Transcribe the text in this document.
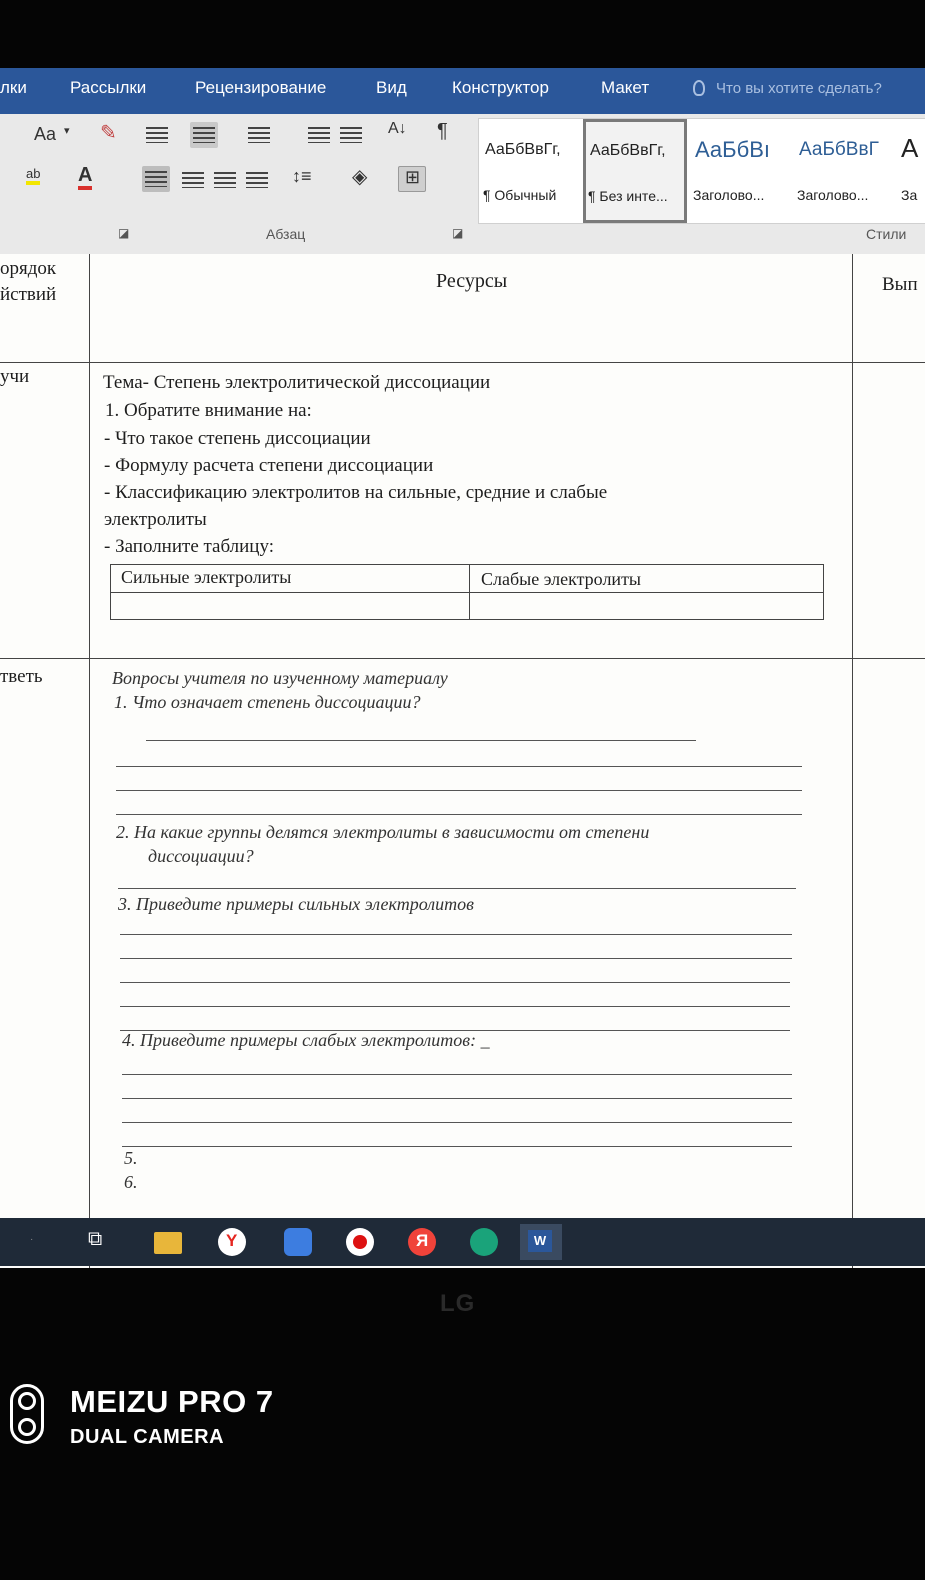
лки	Рассылки	Рецензирование	Вид	Конструктор	Макет	Что вы хотите сделать?
Aa ▾ ✎	A↓ ¶
ab A	↕≡ ◈ ⊞
◪	Абзац	◪
АаБбВвГг,
¶ Обычный
АаБбВвГг,
¶ Без инте...
АаБбВı
Заголово...
АаБбВвГ
Заголово...
А
За
Стили
орядок
йствий
Ресурсы	Вып
учи	Тема- Степень электролитической диссоциации
1. Обратите внимание на:
- Что такое степень диссоциации
- Формулу расчета степени диссоциации
- Классификацию электролитов на сильные, средние и слабые
электролиты
- Заполните таблицу:
Сильные электролиты	Слабые электролиты
тветь	Вопросы учителя по изученному материалу
1. Что означает степень диссоциации?
2. На какие группы делятся электролиты в зависимости от степени
диссоциации?
3. Приведите примеры сильных электролитов
4. Приведите примеры слабых электролитов: _
5.
6.
·	⧉	Y	Я	W
LG
MEIZU PRO 7
DUAL CAMERA
